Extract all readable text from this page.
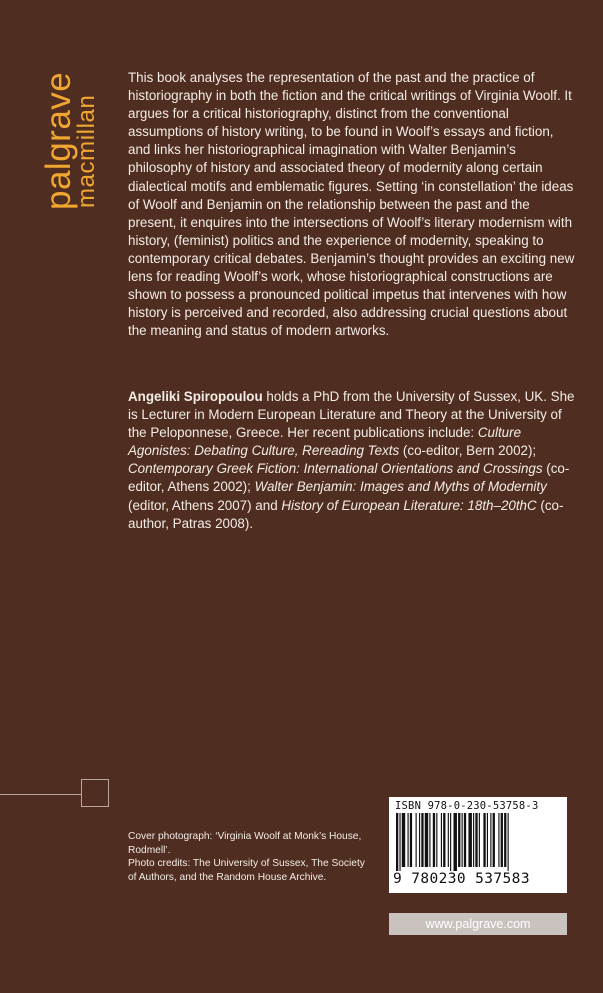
palgrave
macmillan

This book analyses the representation of the past and the practice of historiography in both the fiction and the critical writings of Virginia Woolf. It argues for a critical historiography, distinct from the conventional assumptions of history writing, to be found in Woolf’s essays and fiction, and links her historiographical imagination with Walter Benjamin’s philosophy of history and associated theory of modernity along certain dialectical motifs and emblematic figures. Setting ‘in constellation’ the ideas of Woolf and Benjamin on the relationship between the past and the present, it enquires into the intersections of Woolf’s literary modernism with history, (feminist) politics and the experience of modernity, speaking to contemporary critical debates. Benjamin’s thought provides an exciting new lens for reading Woolf’s work, whose historiographical constructions are shown to possess a pronounced political impetus that intervenes with how history is perceived and recorded, also addressing crucial questions about the meaning and status of modern artworks.

Angeliki Spiropoulou holds a PhD from the University of Sussex, UK. She is Lecturer in Modern European Literature and Theory at the University of the Peloponnese, Greece. Her recent publications include: Culture Agonistes: Debating Culture, Rereading Texts (co-editor, Bern 2002); Contemporary Greek Fiction: International Orientations and Crossings (co-editor, Athens 2002); Walter Benjamin: Images and Myths of Modernity (editor, Athens 2007) and History of European Literature: 18th–20thC (co-author, Patras 2008).

Cover photograph: ‘Virginia Woolf at Monk’s House, Rodmell’.
Photo credits: The University of Sussex, The Society of Authors, and the Random House Archive.

ISBN 978-0-230-53758-3
9 780230 537583
www.palgrave.com
